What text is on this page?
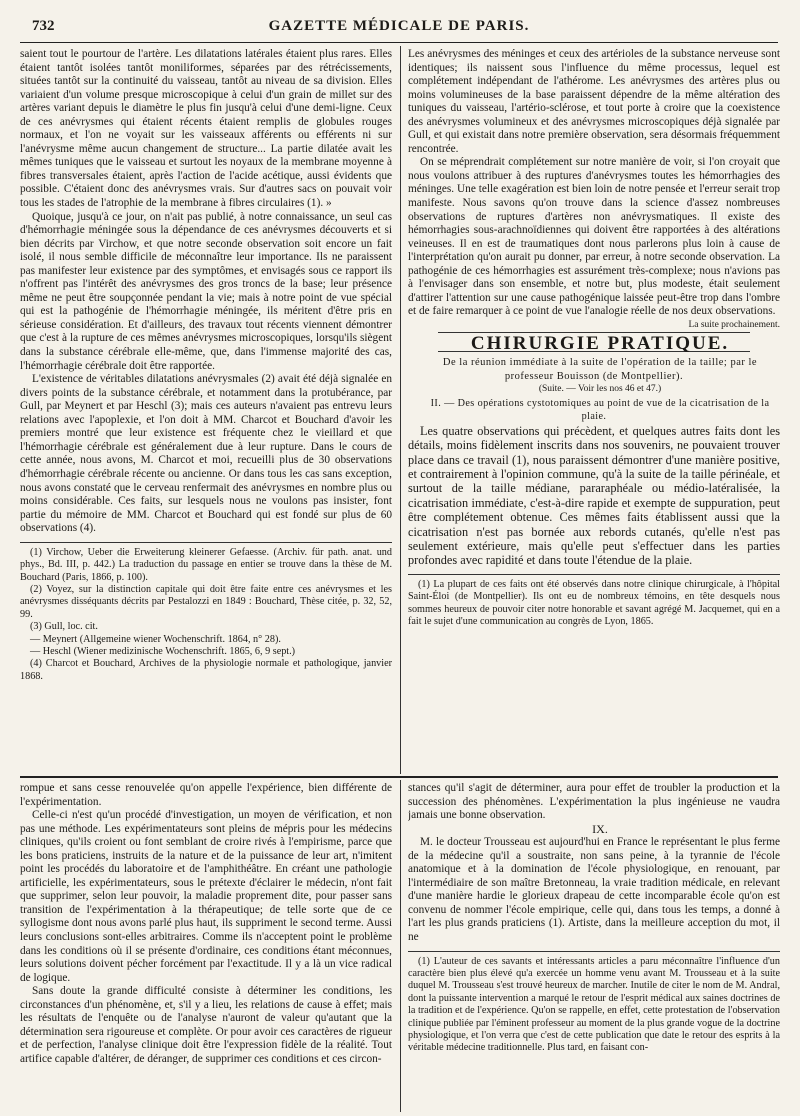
732	GAZETTE MÉDICALE DE PARIS.

saient tout le pourtour de l'artère. Les dilatations latérales étaient plus rares. Elles étaient tantôt isolées tantôt moniliformes, séparées par des rétrécissements, situées tantôt sur la continuité du vaisseau, tantôt au niveau de sa division. Elles variaient d'un volume presque microscopique à celui d'un grain de millet sur des artères variant depuis le diamètre le plus fin jusqu'à celui d'une demi-ligne. Ceux de ces anévrysmes qui étaient récents étaient remplis de globules rouges normaux, et l'on ne voyait sur les vaisseaux afférents ou efférents ni sur l'anévrysme même aucun changement de structure... La partie dilatée avait les mêmes tuniques que le vaisseau et surtout les noyaux de la membrane moyenne à fibres transversales étaient, après l'action de l'acide acétique, aussi évidents que possible. C'étaient donc des anévrysmes vrais. Sur d'autres sacs on pouvait voir tous les stades de l'atrophie de la membrane à fibres circulaires (1). »

Quoique, jusqu'à ce jour, on n'ait pas publié, à notre connaissance, un seul cas d'hémorrhagie méningée sous la dépendance de ces anévrysmes découverts et si bien décrits par Virchow, et que notre seconde observation soit encore un fait isolé, il nous semble difficile de méconnaître leur importance. Ils ne paraissent pas manifester leur existence par des symptômes, et envisagés sous ce rapport ils n'offrent pas l'intérêt des anévrysmes des gros troncs de la base; leur présence même ne peut être soupçonnée pendant la vie; mais à notre point de vue spécial qui est la pathogénie de l'hémorrhagie méningée, ils méritent d'être pris en sérieuse considération. Et d'ailleurs, des travaux tout récents viennent démontrer que c'est à la rupture de ces mêmes anévrysmes microscopiques, lorsqu'ils siègent dans la substance cérébrale elle-même, que, dans l'immense majorité des cas, l'hémorrhagie cérébrale doit être rapportée.

L'existence de véritables dilatations anévrysmales (2) avait été déjà signalée en divers points de la substance cérébrale, et notamment dans la protubérance, par Gull, par Meynert et par Heschl (3); mais ces auteurs n'avaient pas entrevu leurs relations avec l'apoplexie, et l'on doit à MM. Charcot et Bouchard d'avoir les premiers montré que leur existence est fréquente chez le vieillard et que l'hémorrhagie cérébrale est généralement due à leur rupture. Dans le cours de cette année, nous avons, M. Charcot et moi, recueilli plus de 30 observations d'hémorrhagie cérébrale récente ou ancienne. Or dans tous les cas sans exception, nous avons constaté que le cerveau renfermait des anévrysmes en nombre plus ou moins considérable. Ces faits, sur lesquels nous ne voulons pas insister, font partie du mémoire de MM. Charcot et Bouchard qui est fondé sur plus de 60 observations (4).

(1) Virchow, Ueber die Erweiterung kleinerer Gefaesse. (Archiv. für path. anat. und phys., Bd. III, p. 442.) La traduction du passage en entier se trouve dans la thèse de M. Bouchard (Paris, 1866, p. 100).

(2) Voyez, sur la distinction capitale qui doit être faite entre ces anévrysmes et les anévrysmes disséquants décrits par Pestalozzi en 1849 : Bouchard, Thèse citée, p. 32, 52, 99.

(3) Gull, loc. cit.

— Meynert (Allgemeine wiener Wochenschrift. 1864, n° 28).

— Heschl (Wiener medizinische Wochenschrift. 1865, 6, 9 sept.)

(4) Charcot et Bouchard, Archives de la physiologie normale et pathologique, janvier 1868.

Les anévrysmes des méninges et ceux des artérioles de la substance nerveuse sont identiques; ils naissent sous l'influence du même processus, lequel est complétement indépendant de l'athérome. Les anévrysmes des artères plus ou moins volumineuses de la base paraissent dépendre de la même altération des tuniques du vaisseau, l'artério-sclérose, et tout porte à croire que la coexistence des anévrysmes volumineux et des anévrysmes microscopiques déjà signalée par Gull, et qui existait dans notre première observation, sera désormais fréquemment rencontrée.

On se méprendrait complétement sur notre manière de voir, si l'on croyait que nous voulons attribuer à des ruptures d'anévrysmes toutes les hémorrhagies des méninges. Une telle exagération est bien loin de notre pensée et l'erreur serait trop manifeste. Nous savons qu'on trouve dans la science d'assez nombreuses observations de ruptures d'artères non anévrysmatiques. Il existe des hémorrhagies sous-arachnoïdiennes qui doivent être rapportées à des altérations veineuses. Il en est de traumatiques dont nous parlerons plus loin à cause de l'interprétation qu'on aurait pu donner, par erreur, à notre seconde observation. La pathogénie de ces hémorrhagies est assurément très-complexe; nous n'avions pas à l'envisager dans son ensemble, et notre but, plus modeste, était seulement d'attirer l'attention sur une cause pathogénique laissée peut-être trop dans l'ombre et de faire remarquer à ce point de vue l'analogie réelle de nos deux observations.

La suite prochainement.

CHIRURGIE PRATIQUE.

De la réunion immédiate à la suite de l'opération de la taille; par le professeur Bouisson (de Montpellier).

(Suite. — Voir les nos 46 et 47.)

II. — Des opérations cystotomiques au point de vue de la cicatrisation de la plaie.

Les quatre observations qui précèdent, et quelques autres faits dont les détails, moins fidèlement inscrits dans nos souvenirs, ne pouvaient trouver place dans ce travail (1), nous paraissent démontrer d'une manière positive, et contrairement à l'opinion commune, qu'à la suite de la taille périnéale, et surtout de la taille médiane, pararaphéale ou médio-latéralisée, la cicatrisation immédiate, c'est-à-dire rapide et exempte de suppuration, peut être complétement obtenue. Ces mêmes faits établissent aussi que la cicatrisation n'est pas bornée aux rebords cutanés, qu'elle n'est pas seulement extérieure, mais qu'elle peut s'effectuer dans les parties profondes avec rapidité et dans toute l'étendue de la plaie.

(1) La plupart de ces faits ont été observés dans notre clinique chirurgicale, à l'hôpital Saint-Éloi (de Montpellier). Ils ont eu de nombreux témoins, en tête desquels nous sommes heureux de pouvoir citer notre honorable et savant agrégé M. Jacquemet, qui en a fait le sujet d'une communication au congrès de Lyon, 1865.

rompue et sans cesse renouvelée qu'on appelle l'expérience, bien différente de l'expérimentation.

Celle-ci n'est qu'un procédé d'investigation, un moyen de vérification, et non pas une méthode. Les expérimentateurs sont pleins de mépris pour les médecins cliniques, qu'ils croient ou font semblant de croire rivés à l'empirisme, parce que les bons praticiens, instruits de la nature et de la puissance de leur art, n'imitent point les procédés du laboratoire et de l'amphithéâtre. En créant une pathologie artificielle, les expérimentateurs, sous le prétexte d'éclairer le médecin, n'ont fait que supprimer, selon leur pouvoir, la maladie proprement dite, pour passer sans transition de l'expérimentation à la thérapeutique; de telle sorte que de ce syllogisme dont nous avons parlé plus haut, ils suppriment le second terme. Aussi leurs conclusions sont-elles arbitraires. Comme ils n'acceptent point le problème dans les conditions où il se présente d'ordinaire, ces conditions étant méconnues, leurs solutions doivent pécher forcément par l'exactitude. Il y a là un vice radical de logique.

Sans doute la grande difficulté consiste à déterminer les conditions, les circonstances d'un phénomène, et, s'il y a lieu, les relations de cause à effet; mais les résultats de l'enquête ou de l'analyse n'auront de valeur qu'autant que la détermination sera rigoureuse et complète. Or pour avoir ces caractères de rigueur et de perfection, l'analyse clinique doit être l'expression fidèle de la réalité. Tout artifice capable d'altérer, de déranger, de supprimer ces conditions et ces circon-

stances qu'il s'agit de déterminer, aura pour effet de troubler la production et la succession des phénomènes. L'expérimentation la plus ingénieuse ne vaudra jamais une bonne observation.

IX.

M. le docteur Trousseau est aujourd'hui en France le représentant le plus ferme de la médecine qu'il a soustraite, non sans peine, à la tyrannie de l'école anatomique et à la domination de l'école physiologique, en renouant, par l'intermédiaire de son maître Bretonneau, la vraie tradition médicale, en relevant d'une manière hardie le glorieux drapeau de cette incomparable école qu'on est convenu de nommer l'école empirique, celle qui, dans tous les temps, a donné à l'art les plus grands praticiens (1). Artiste, dans la meilleure acception du mot, il ne

(1) L'auteur de ces savants et intéressants articles a paru méconnaître l'influence d'un caractère bien plus élevé qu'a exercée un homme venu avant M. Trousseau et à la suite duquel M. Trousseau s'est trouvé heureux de marcher. Inutile de citer le nom de M. Andral, dont la puissante intervention a marqué le retour de l'esprit médical aux saines doctrines de la tradition et de l'expérience. Qu'on se rappelle, en effet, cette protestation de l'observation clinique publiée par l'éminent professeur au moment de la plus grande vogue de la doctrine physiologique, et l'on verra que c'est de cette publication que date le retour des esprits à la véritable médecine traditionnelle. Plus tard, en faisant con-
